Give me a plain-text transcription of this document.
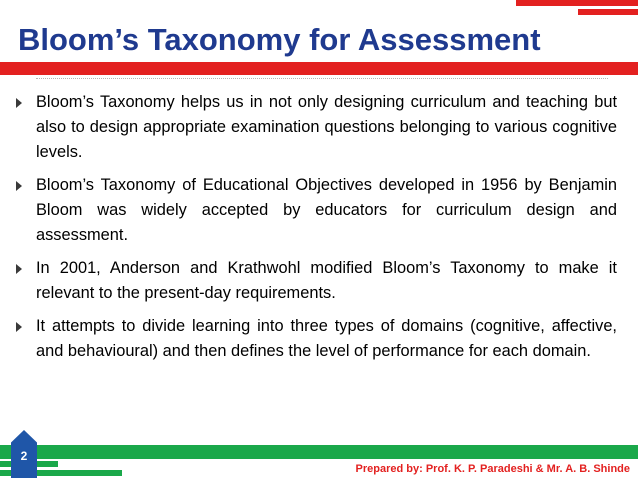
Bloom’s Taxonomy for Assessment
Bloom’s Taxonomy helps us in not only designing curriculum and teaching but also to design appropriate examination questions belonging to various cognitive levels.
Bloom’s Taxonomy of Educational Objectives developed in 1956 by Benjamin Bloom was widely accepted by educators for curriculum design and assessment.
In 2001, Anderson and Krathwohl modified Bloom’s Taxonomy to make it relevant to the present-day requirements.
It attempts to divide learning into three types of domains (cognitive, affective, and behavioural) and then defines the level of performance for each domain.
2
Prepared by: Prof. K. P. Paradeshi & Mr. A. B. Shinde
